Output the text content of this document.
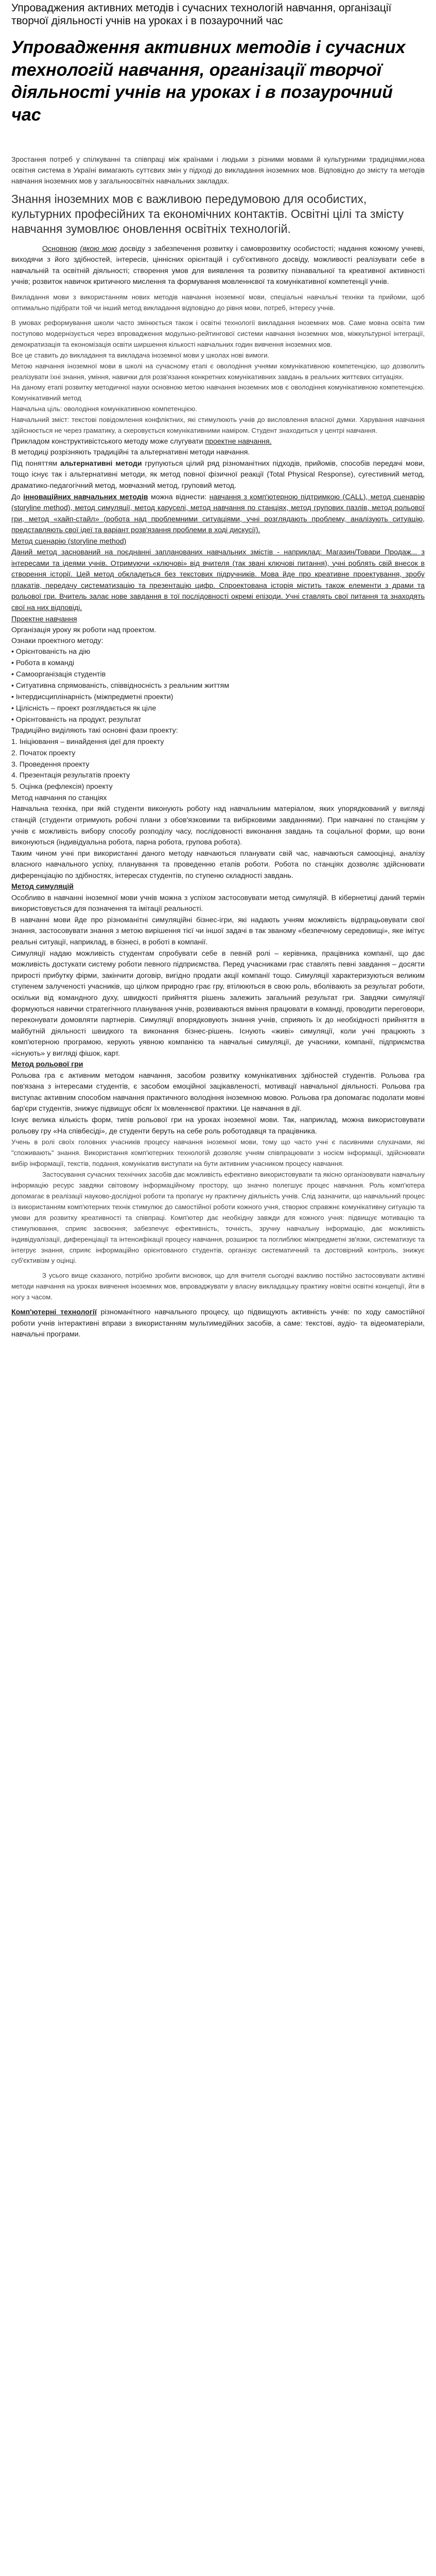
Упроваджения активних методів і сучасних технологій навчання, організації творчої діяльності учнів на уроках і в позаурочний час
Упровадження активних методів і сучасних технологій навчання, організації творчої діяльності учнів на уроках і в позаурочний час

Зростання потреб у спілкуванні та співпраці між країнами і людьми з різними мовами й культурними традиціями,нова освітня система в Україні вимагають суттєвих змін у підході до викладання іноземних мов. Відповідно до змісту та методів навчання іноземних мов у загальноосвітніх навчальних закладах.

Знання іноземних мов є важливою передумовою для особистих, культурних професійних та економічних контактів. Освітні цілі та змісту навчання зумовлює оновлення освітніх технологій.

Основною (якою мою досвіду з забезпечення розвитку і самоврозвитку особистості; надання кожному учневі, виходячи з його здібностей, інтересів, ціннісних орієнтацій і суб'єктивного досвіду, можливості реалізувати себе в навчальній та освітній діяльності; створення умов для виявлення та розвитку пізнавальної та креативної активності учнів; розвиток навичок критичного мислення та формування мовленнєвої та комунікативної компетенції учнів.

Викладання мови з використанням нових методів навчання іноземної мови, спеціальні навчальні техніки та прийоми, щоб оптимально підібрати той чи інший метод викладання відповідно до рівня мови, потреб, інтересу учнів.

В умовах реформування школи часто змінюється також і освітні технології викладання іноземних мов. Саме мовна освіта тим поступово модернізується через впровадження модульно-рейтингової системи навчання іноземних мов, міжкультурної інтеграції, демократизація та економізація освіти ширшення кількості навчальних годин вивчення іноземних мов.

Все це ставить до викладання та викладача іноземної мови у школах нові вимоги.

Метою навчання іноземної мови в школі на сучасному етапі є оволодіння учнями комунікативною компетенцією, що дозволить реалізувати їхні знання, уміння, навички для розв'язання конкретних комунікативних завдань в реальних життєвих ситуаціях.

На даному етапі розвитку методичної науки основною метою навчання іноземних мов є оволодіння комунікативною компетенцією. Комунікативний метод

Навчальна ціль: оволодіння комунікативною компетенцією.

Навчальний зміст: текстові повідомлення конфліктних, які стимулюють учнів до висловлення власної думки. Харування навчання здійснюється не через граматику, а скеровується комунікативними наміром. Студент знаходиться у центрі навчання.

Прикладом конструктивістського методу може слугувати проектне навчання.

В методиці розрізняють традиційні та альтернативні методи навчання.

Під поняттям альтернативні методи групуються цілий ряд різноманітних підходів, прийомів, способів передачі мови, тощо існує так і альтернативні методи, як метод повної фізичної реакції (Total Physical Response), сугестивний метод, драматико-педагогічний метод, мовчазний метод, груповий метод.

До інноваційних навчальних методів можна віднести: навчання з комп'ютерною підтримкою (CALL), метод сценарію (storyline method), метод симуляції, метод каруселі, метод навчання по станціях, метод групових пазлів, метод рольової гри, метод «хайп-стайл» (робота над проблемними ситуаціями, учні розглядають проблему, аналізують ситуацію, представляють свої ідеї та варіант розв'язання проблеми в ході дискусії).

Метод сценарію (storyline method)

Даний метод заснований на поєднанні запланованих навчальних змістів - наприклад: Магазин/Товари Продаж... з інтересами та ідеями учнів. Отримуючи «ключові» від вчителя (так звані ключові питання), учні роблять свій внесок в створення історії. Цей метод обкладеться без текстових підручників. Мова йде про креативне проектування, зробу плакатів, передачу систематизацію та презентацію цифр. Спроектована історія містить також елементи з драми та рольової гри. Вчитель залає нове завдання в тої послідовності окремі епізоди. Учні ставлять свої питання та знаходять свої на них відповіді.

Проектне навчання

Організація уроку як роботи над проектом.

Ознаки проектного методу:

• Орієнтованість на дію
• Робота в команді
• Самоорганізація студентів
• Ситуативна спрямованість, співвідносність з реальним життям
• Інтердисциплінарність (міжпредметні проекти)
• Цілісність – проект розглядається як ціле
• Орієнтованість на продукт, результат

Традиційно виділяють такі основні фази проекту:

1. Ініціювання – винайдення ідеї для проекту
2. Початок проекту
3. Проведення проекту
4. Презентація результатів проекту
5. Оцінка (рефлексія) проекту

Метод навчання по станціях

Навчальна техніка, при якій студенти виконують роботу над навчальним матеріалом, яких упорядкований у вигляді станцій (студенти отримують робочі плани з обов'язковими та вибірковими завданнями). При навчанні по станціям у учнів є можливість вибору способу розподілу часу, послідовності виконання завдань та соціальної форми, що вони виконуються (індивідуальна робота, парна робота, групова робота).

Таким чином учні при використанні даного методу навчаються планувати свій час, навчаються самооцінці, аналізу власного навчального успіху, планування та проведенню етапів роботи. Робота по станціях дозволяє здійснювати диференціацію по здібностях, інтересах студентів, по ступеню складності завдань.

Метод симуляцій

Особливо в навчанні іноземної мови учнів можна з успіхом застосовувати метод симуляцій. В кібернетиці даний термін використовується для позначення та імітації реальності.

В навчанні мови йде про різноманітні симуляційні бізнес-ігри, які надають учням можливість відпрацьовувати свої знання, застосовувати знання з метою вирішення тієї чи іншої задачі в так званому «безпечному середовищі», яке імітує реальні ситуації, наприклад, в бізнесі, в роботі в компанії.

Симуляції надаю можливість студентам спробувати себе в певній ролі – керівника, працівника компанії, що дає можливість достукати систему роботи певного підприємства. Перед учасниками грає ставлять певні завдання – досягти прирості прибутку фірми, закінчити договір, вигідно продати акції компанії тощо. Симуляції характеризуються великим ступенем залученості учасників, що цілком природно грає гру, втілюються в свою роль, вболівають за результат роботи, оскільки від командного духу, швидкості прийняття рішень залежить загальний результат гри. Завдяки симуляції формуються навички стратегічного планування учнів, розвиваються вміння працювати в команді, проводити переговори, переконувати домовляти партнерів. Симуляції впорядковують знання учнів, сприяють їх до необхідності прийняття в майбутній діяльності швидкого та виконання бізнес-рішень. Існують «живі» симуляції, коли учні працюють з комп'ютерною програмою, керують уявною компанією та навчальні симуляції, де учасники, компанії, підприємства «існують» у вигляді фішок, карт.

Метод рольової гри

Рольова гра є активним методом навчання, засобом розвитку комунікативних здібностей студентів. Рольова гра пов'язана з інтересами студентів, є засобом емоційної зацікавленості, мотивації навчальної діяльності. Рольова гра виступає активним способом навчання практичного володіння іноземною мовою. Рольова гра допомагає подолати мовні бар'єри студентів, знижує підвищує обсяг їх мовленнєвої практики. Це навчання в дії.

Існує велика кількість форм, типів рольової гри на уроках іноземної мови. Так, наприклад, можна використовувати рольову гру «На співбесіді», де студенти беруть на себе роль роботодавця та працівника.

Учень в ролі своїх головних учасників процесу навчання іноземної мови, тому що часто учні є пасивними слухачами, які "споживають" знання. Використання комп'ютерних технологій дозволяє учням співпрацювати з носієм інформації, здійснювати вибір інформації, текстів, подання, комунікатив виступати на бути активним учасником процесу навчання.

Застосування сучасних технічних засобів дає можливість ефективно використовувати та якісно організовувати навчальну інформацію ресурс завдяки світовому інформаційному простору, що значно полегшує процес навчання. Роль комп'ютера допомагає в реалізації науково-дослідної роботи та пропагує ну практичну діяльність учнів. Слід зазначити, що навчальний процес із використанням комп'ютерних технік стимулює до самостійної роботи кожного учня, створює справжнє комунікативну ситуацію та умови для розвитку креативності та співпраці. Комп'ютер дає необхідну завжди для кожного учня: підвищує мотивацію та стимулювання, сприяє засвоєння; забезпечує ефективність, точність, зручну навчальну інформацію, дає можливість індивідуалізації, диференціації та інтенсифікації процесу навчання, розширює та поглиблює міжпредметні зв'язки, систематизує та інтегрує знання, сприяє інформаційно орієнтованого студентів, організує систематичний та достовірний контроль, знижує суб'єктивізм у оцінці.

З усього вище сказаного, потрібно зробити висновок, що для вчителя сьогодні важливо постійно застосовувати активні методи навчання на уроках вивчення іноземних мов, впроваджувати у власну викладацьку практику новітні освітні концепції, йти в ногу з часом.

Комп'ютерні технології різноманітного навчального процесу, що підвищують активність учнів: по ходу самостійної роботи учнів інтерактивні вправи з використанням мультимедійних засобів, а саме: текстові, аудіо- та відеоматеріали, навчальні програми.
